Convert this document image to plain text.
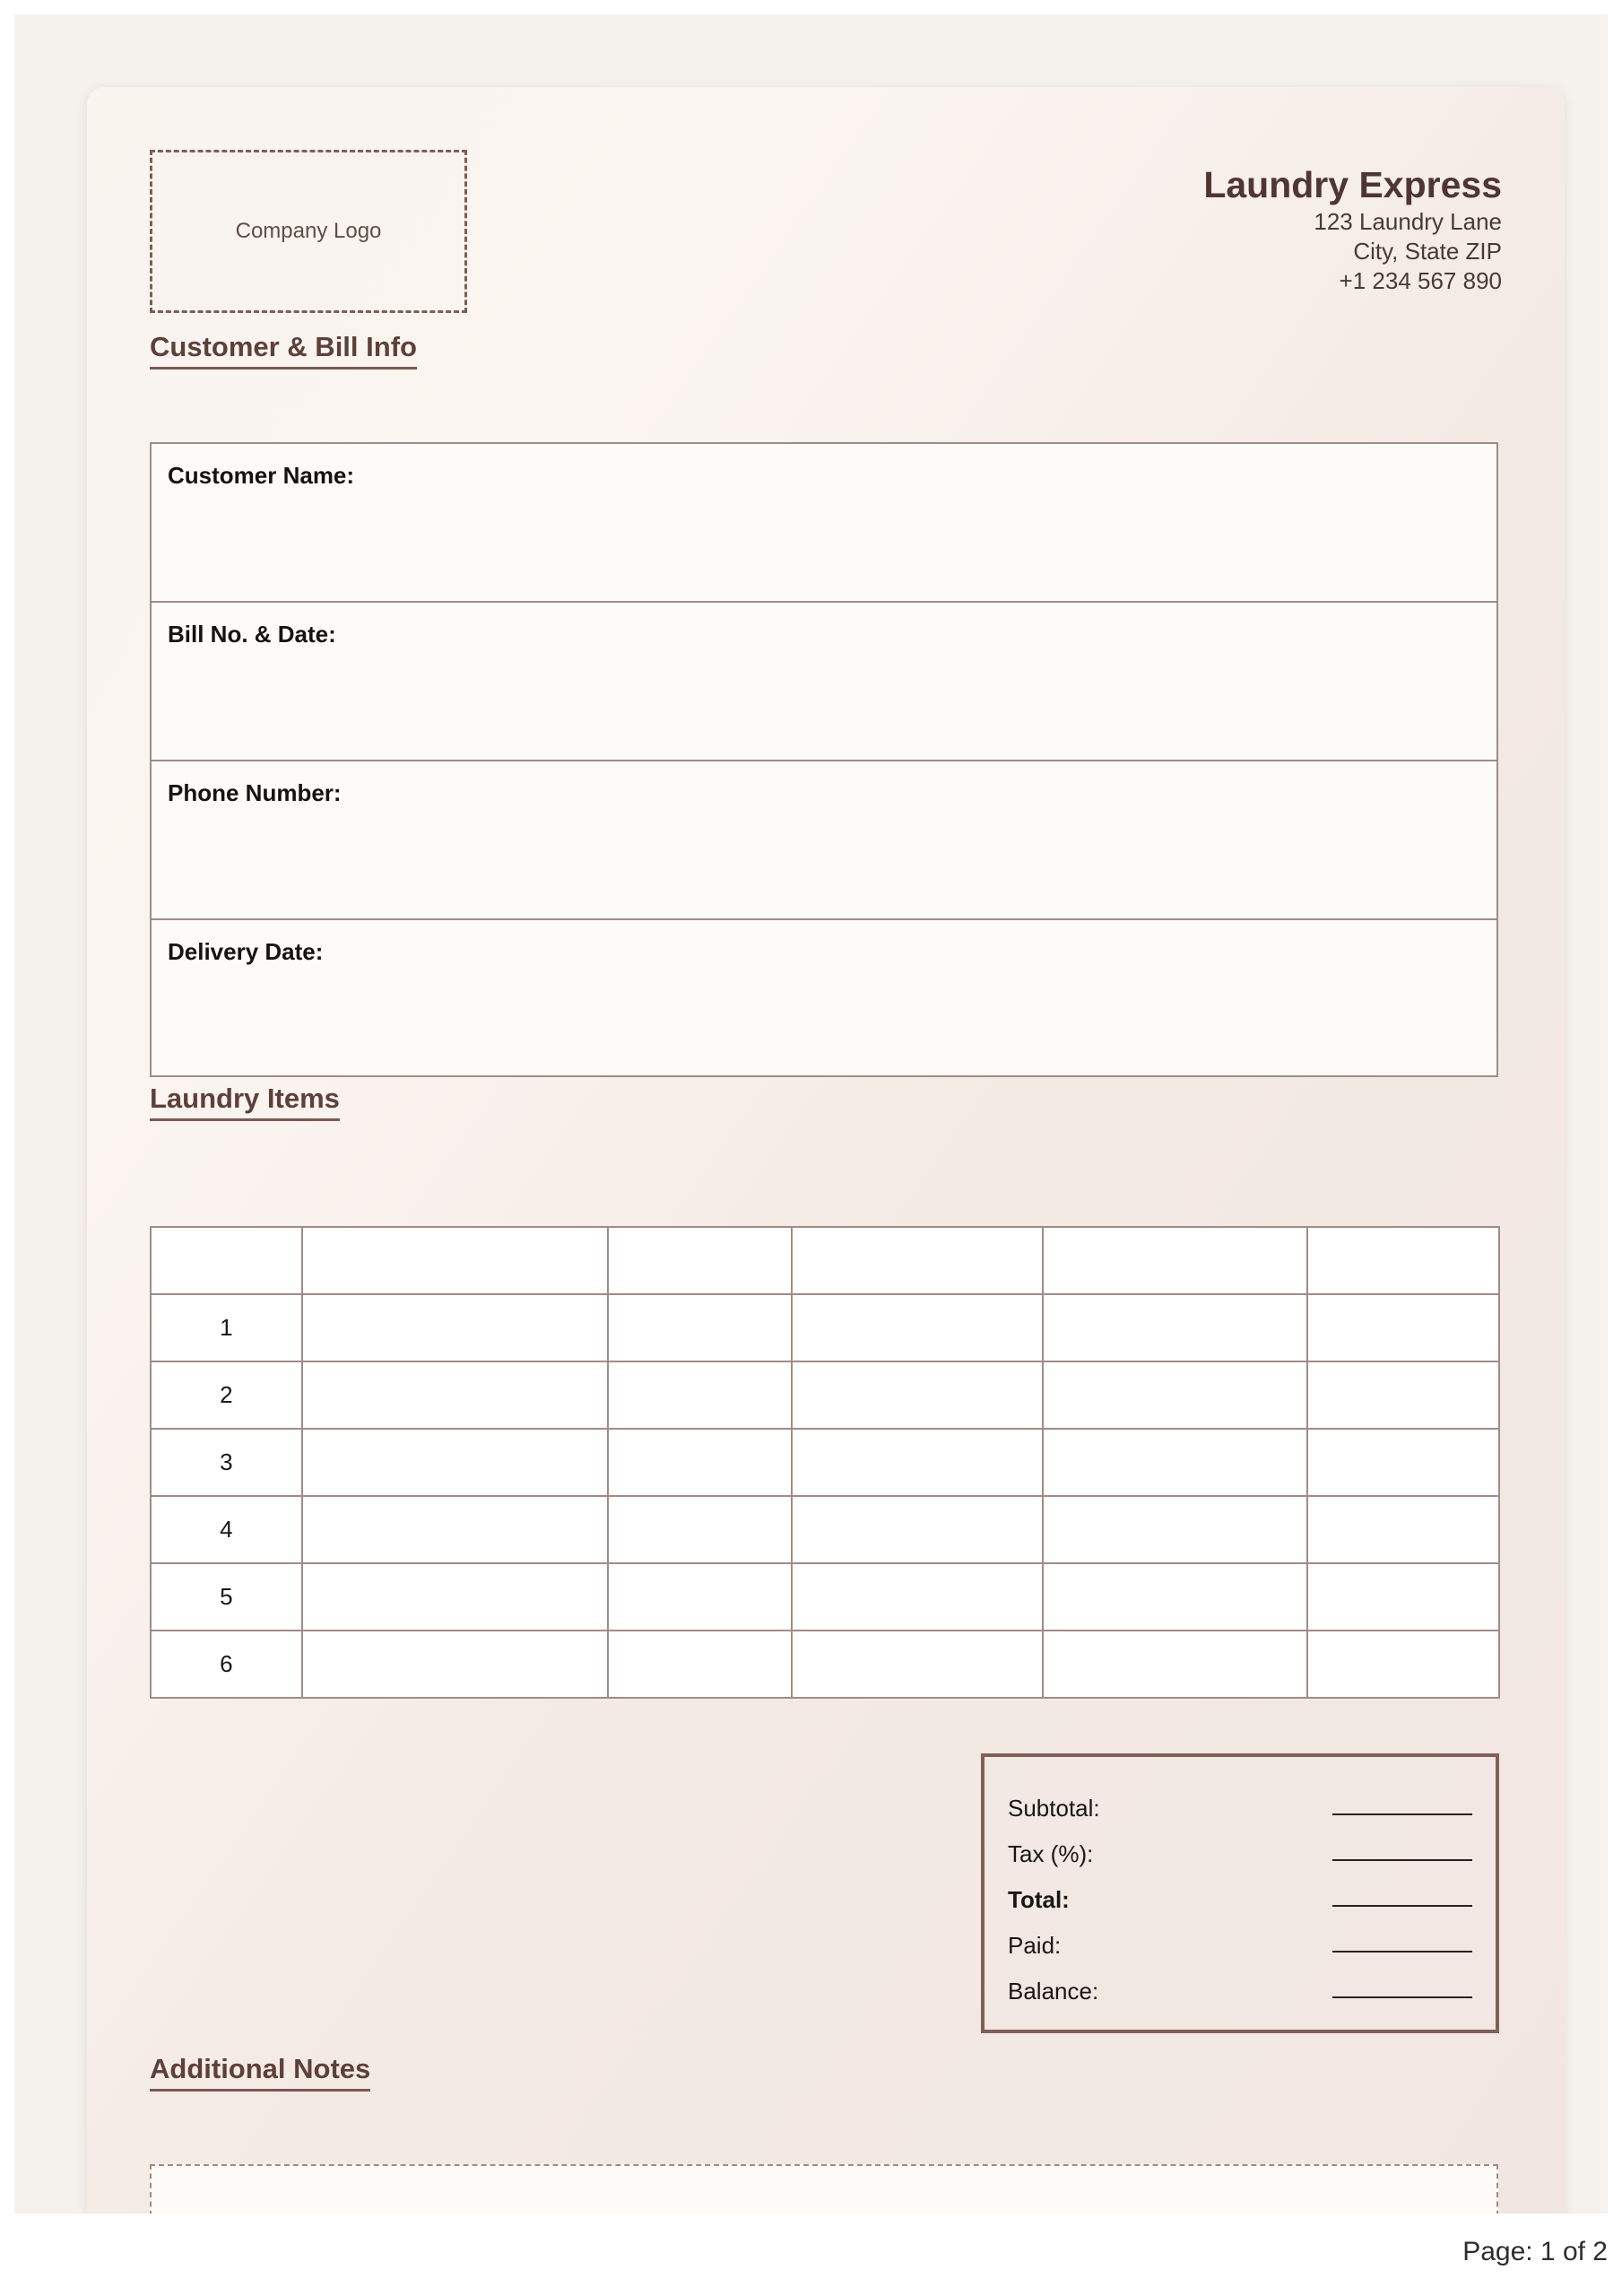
Company Logo
Laundry Express
123 Laundry Lane
City, State ZIP
+1 234 567 890
Customer & Bill Info
Customer Name:
Bill No. & Date:
Phone Number:
Delivery Date:
Laundry Items

1					
2					
3					
4					
5					
6					
Subtotal:
Tax (%):
Total:
Paid:
Balance:
Additional Notes
Page: 1 of 2
